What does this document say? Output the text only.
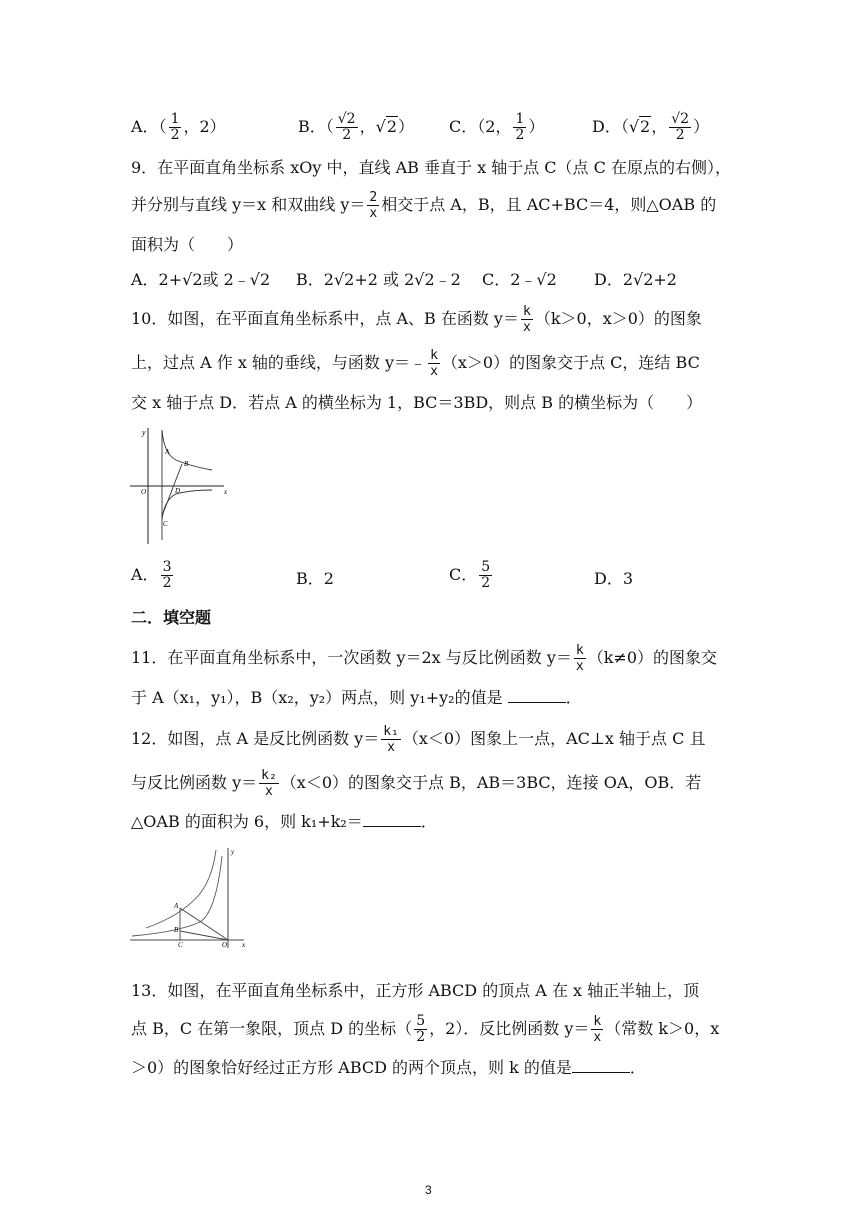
A．（ $\frac{1}{2}$ ，2）	B．（ $\frac{√2}{2}$ ，√2） C．（2， $\frac{1}{2}$ ）	D．（√2， $\frac{√2}{2}$ ）
9．在平面直角坐标系 xOy 中，直线 AB 垂直于 x 轴于点 C（点 C 在原点的右侧），
并分别与直线 y＝x 和双曲线 $y= \frac{2}{x}$ 相交于点 A，B，且 AC+BC＝4，则△OAB 的
面积为（　　）
A．2+√2或 2﹣√2 B．2√2+2 或 2√2﹣2 C．2﹣√2 D．2√2+2
10．如图，在平面直角坐标系中，点 A、B 在函数 $y= \frac{k}{x} (k>0$，x＞0）的图象
上，过点 A 作 x 轴的垂线，与函数 y＝﹣ $\frac{k}{x} (x>0)$的图象交于点 C，连结 BC
交 x 轴于点 D．若点 A 的横坐标为 1，BC＝3BD，则点 B 的横坐标为（　　）
y
A
B
O	D	x
C
A． $\frac{3}{2}$	B．2	C． $\frac{5}{2}$	D．3
二．填空题
11．在平面直角坐标系中，一次函数 y＝2x 与反比例函数 $y= \frac{k}{x} (k\ne 0)$的图象交
于 A（x₁，y₁），B（x₂，y₂）两点，则 y₁+y₂的值是	．
12．如图，点 A 是反比例函数 $y= \frac{\text{k₁}}{x} (x<0)$图象上一点，AC⊥x 轴于点 C 且
与反比例函数 $y= \frac{\text{k₂}}{x} (x<0)$的图象交于点 B，AB＝3BC，连接 OA，OB．若
△OAB 的面积为 6，则 k₁+k₂＝	．
y
A
B
C	O x
13．如图，在平面直角坐标系中，正方形 ABCD 的顶点 A 在 x 轴正半轴上，顶
点 B，C 在第一象限，顶点 D 的坐标（ $\frac{5}{2}$ ，2）．反比例函数 $y= \frac{k}{x}$ （常数 k＞0，x
＞0）的图象恰好经过正方形 ABCD 的两个顶点，则 k 的值是	．
3
